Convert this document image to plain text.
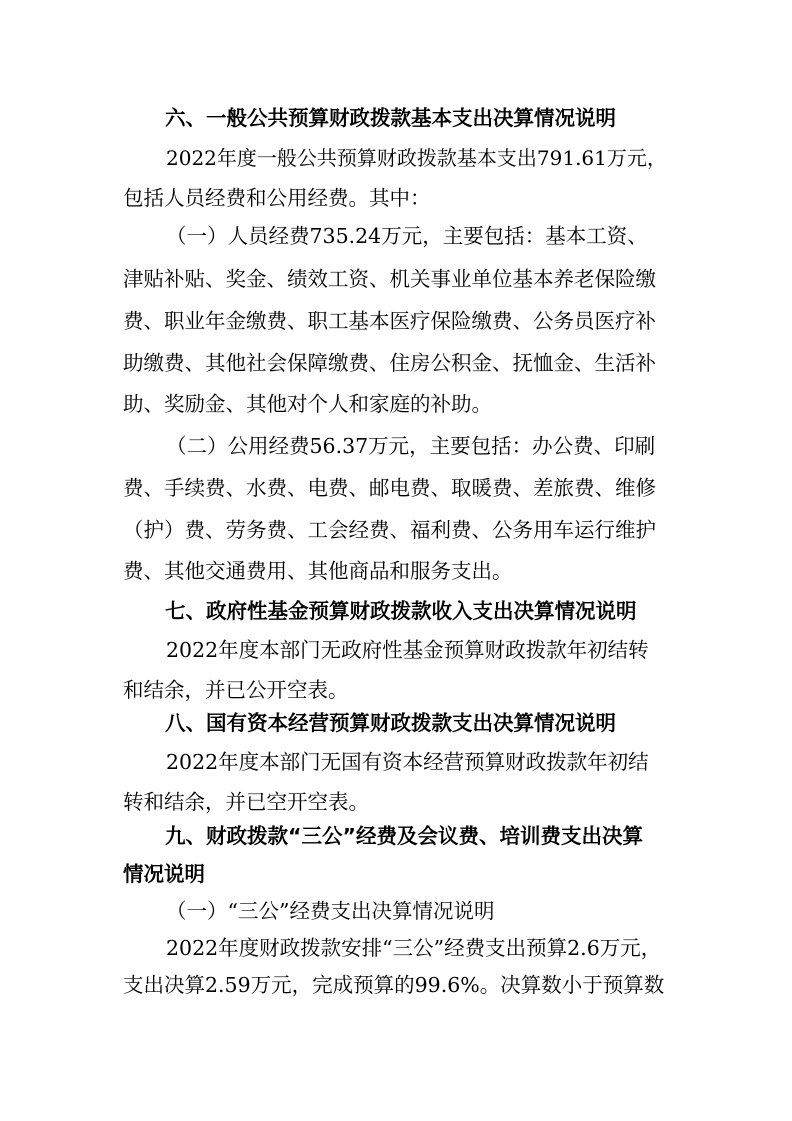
六、一般公共预算财政拨款基本支出决算情况说明
2022年度一般公共预算财政拨款基本支出791.61万元，
包括人员经费和公用经费。其中：
（一）人员经费735.24万元，主要包括：基本工资、
津贴补贴、奖金、绩效工资、机关事业单位基本养老保险缴
费、职业年金缴费、职工基本医疗保险缴费、公务员医疗补
助缴费、其他社会保障缴费、住房公积金、抚恤金、生活补
助、奖励金、其他对个人和家庭的补助。
（二）公用经费56.37万元，主要包括：办公费、印刷
费、手续费、水费、电费、邮电费、取暖费、差旅费、维修
（护）费、劳务费、工会经费、福利费、公务用车运行维护
费、其他交通费用、其他商品和服务支出。
七、政府性基金预算财政拨款收入支出决算情况说明
2022年度本部门无政府性基金预算财政拨款年初结转
和结余，并已公开空表。
八、国有资本经营预算财政拨款支出决算情况说明
2022年度本部门无国有资本经营预算财政拨款年初结
转和结余，并已空开空表。
九、财政拨款“三公”经费及会议费、培训费支出决算
情况说明
（一）“三公”经费支出决算情况说明
2022年度财政拨款安排“三公”经费支出预算2.6万元，
支出决算2.59万元，完成预算的99.6%。决算数小于预算数
